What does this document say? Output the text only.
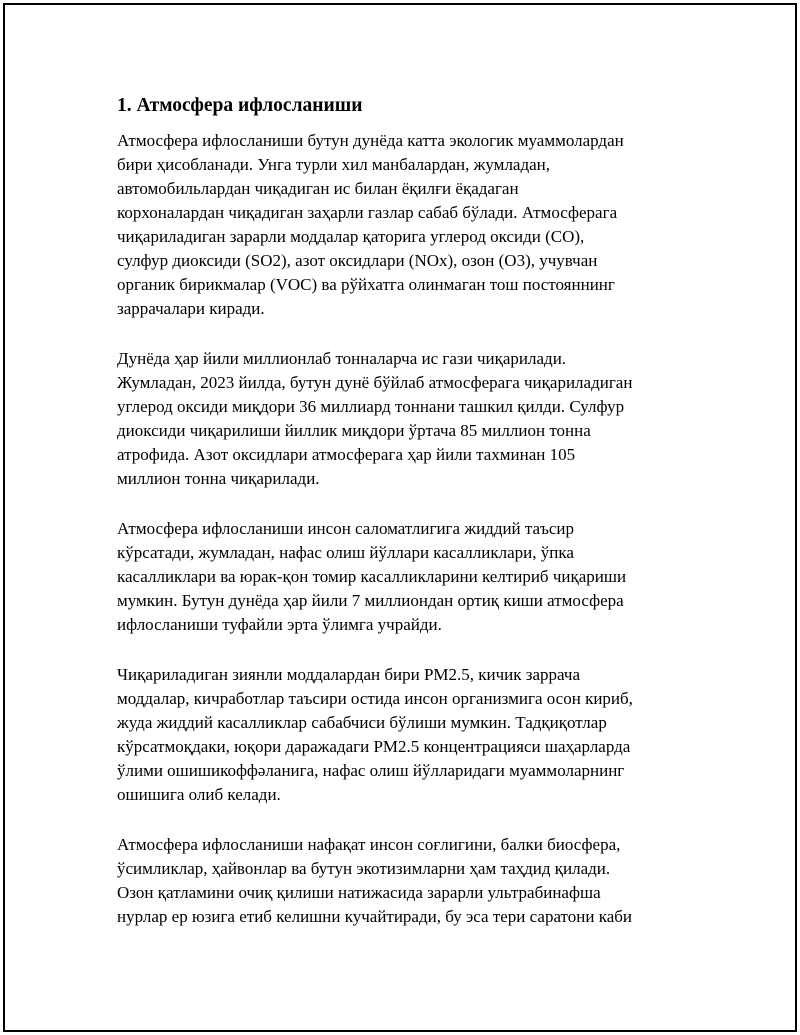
1. Атмосфера ифлосланиши

Атмосфера ифлосланиши бутун дунёда катта экологик муаммолардан
бири ҳисобланади. Унга турли хил манбалардан, жумладан,
автомобильлардан чиқадиган ис билан ёқилғи ёқадаган
корхоналардан чиқадиган заҳарли газлар сабаб бўлади. Атмосферага
чиқариладиган зарарли моддалар қаторига углерод оксиди (CO),
сулфур диоксиди (SO2), азот оксидлари (NOx), озон (O3), учувчан
органик бирикмалар (VOC) ва рўйхатга олинмаган тош постояннинг
заррачалари киради.

Дунёда ҳар йили миллионлаб тонналарча ис гази чиқарилади.
Жумладан, 2023 йилда, бутун дунё бўйлаб атмосферага чиқариладиган
углерод оксиди миқдори 36 миллиард тоннани ташкил қилди. Сулфур
диоксиди чиқарилиши йиллик миқдори ўртача 85 миллион тонна
атрофида. Азот оксидлари атмосферага ҳар йили тахминан 105
миллион тонна чиқарилади.

Атмосфера ифлосланиши инсон саломатлигига жиддий таъсир
кўрсатади, жумладан, нафас олиш йўллари касалликлари, ўпка
касалликлари ва юрак-қон томир касалликларини келтириб чиқариши
мумкин. Бутун дунёда ҳар йили 7 миллиондан ортиқ киши атмосфера
ифлосланиши туфайли эрта ўлимга учрайди.

Чиқариладиган зиянли моддалардан бири PM2.5, кичик заррача
моддалар, кичработлар таъсири остида инсон организмига осон кириб,
жуда жиддий касалликлар сабабчиси бўлиши мумкин. Тадқиқотлар
кўрсатмоқдаки, юқори даражадаги PM2.5 концентрацияси шаҳарларда
ўлими ошишикоффәланига, нафас олиш йўлларидаги муаммоларнинг
ошишига олиб келади.

Атмосфера ифлосланиши нафақат инсон соғлигини, балки биосфера,
ўсимликлар, ҳайвонлар ва бутун экотизимларни ҳам таҳдид қилади.
Озон қатламини очиқ қилиши натижасида зарарли ультрабинафша
нурлар ер юзига етиб келишни кучайтиради, бу эса тери саратони каби
